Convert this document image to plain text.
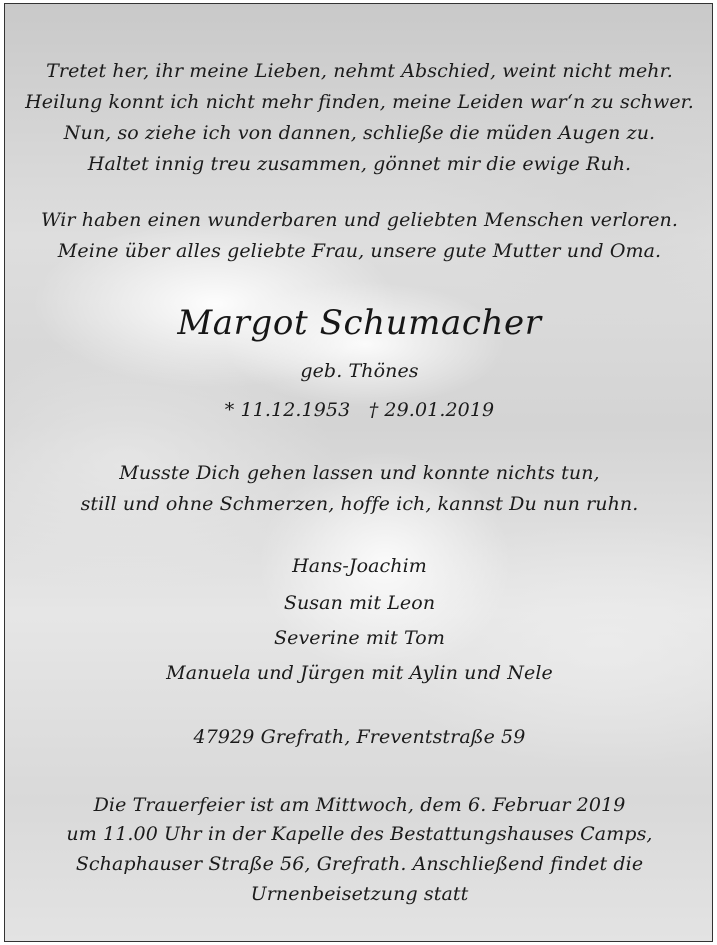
Tretet her, ihr meine Lieben, nehmt Abschied, weint nicht mehr.
Heilung konnt ich nicht mehr finden, meine Leiden war‘n zu schwer.
Nun, so ziehe ich von dannen, schließe die müden Augen zu.
Haltet innig treu zusammen, gönnet mir die ewige Ruh.
Wir haben einen wunderbaren und geliebten Menschen verloren.
Meine über alles geliebte Frau, unsere gute Mutter und Oma.
Margot Schumacher
geb. Thönes
* 11.12.1953   † 29.01.2019
Musste Dich gehen lassen und konnte nichts tun,
still und ohne Schmerzen, hoffe ich, kannst Du nun ruhn.
Hans-Joachim
Susan mit Leon
Severine mit Tom
Manuela und Jürgen mit Aylin und Nele
47929 Grefrath, Freventstraße 59
Die Trauerfeier ist am Mittwoch, dem 6. Februar 2019
um 11.00 Uhr in der Kapelle des Bestattungshauses Camps,
Schaphauser Straße 56, Grefrath. Anschließend findet die
Urnenbeisetzung statt
